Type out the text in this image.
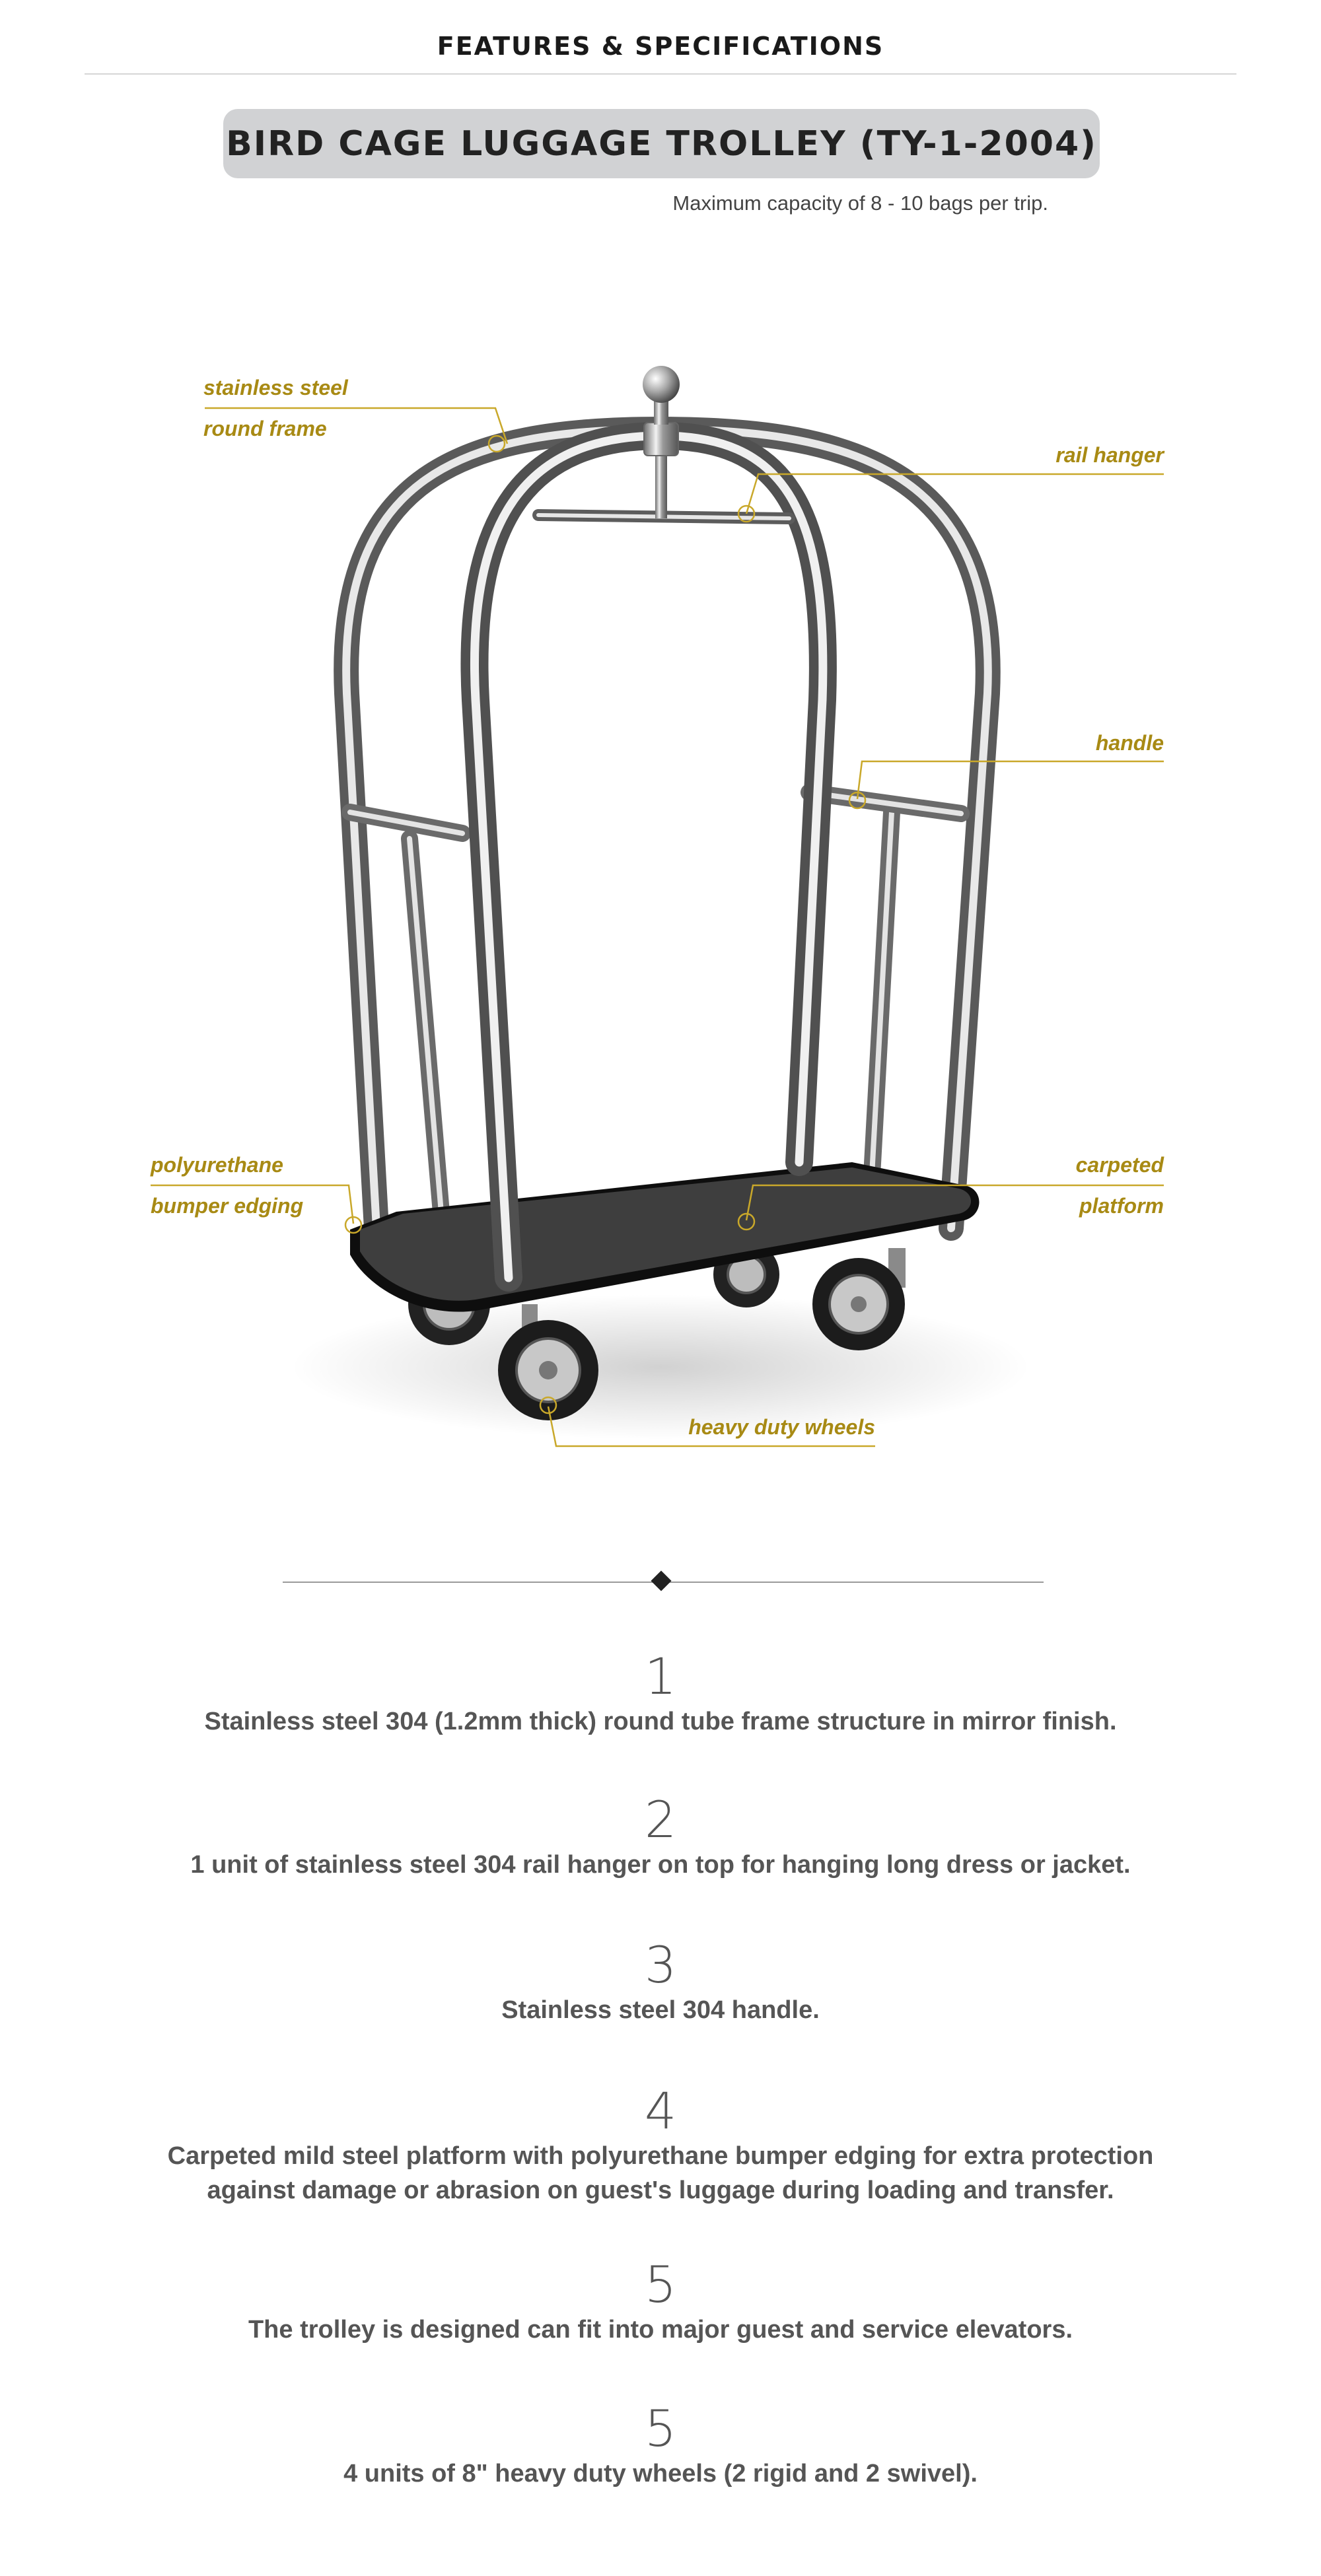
FEATURES & SPECIFICATIONS
BIRD CAGE LUGGAGE TROLLEY (TY-1-2004)
Maximum capacity of 8 - 10 bags per trip.
stainless steel
round frame
rail hanger
handle
polyurethane
bumper edging
carpeted
platform
heavy duty wheels
1
Stainless steel 304 (1.2mm thick) round tube frame structure in mirror finish.
2
1 unit of stainless steel 304 rail hanger on top for hanging long dress or jacket.
3
Stainless steel 304 handle.
4
Carpeted mild steel platform with polyurethane bumper edging for extra protection
against damage or abrasion on guest's luggage during loading and transfer.
5
The trolley is designed can fit into major guest and service elevators.
5
4 units of 8" heavy duty wheels (2 rigid and 2 swivel).
